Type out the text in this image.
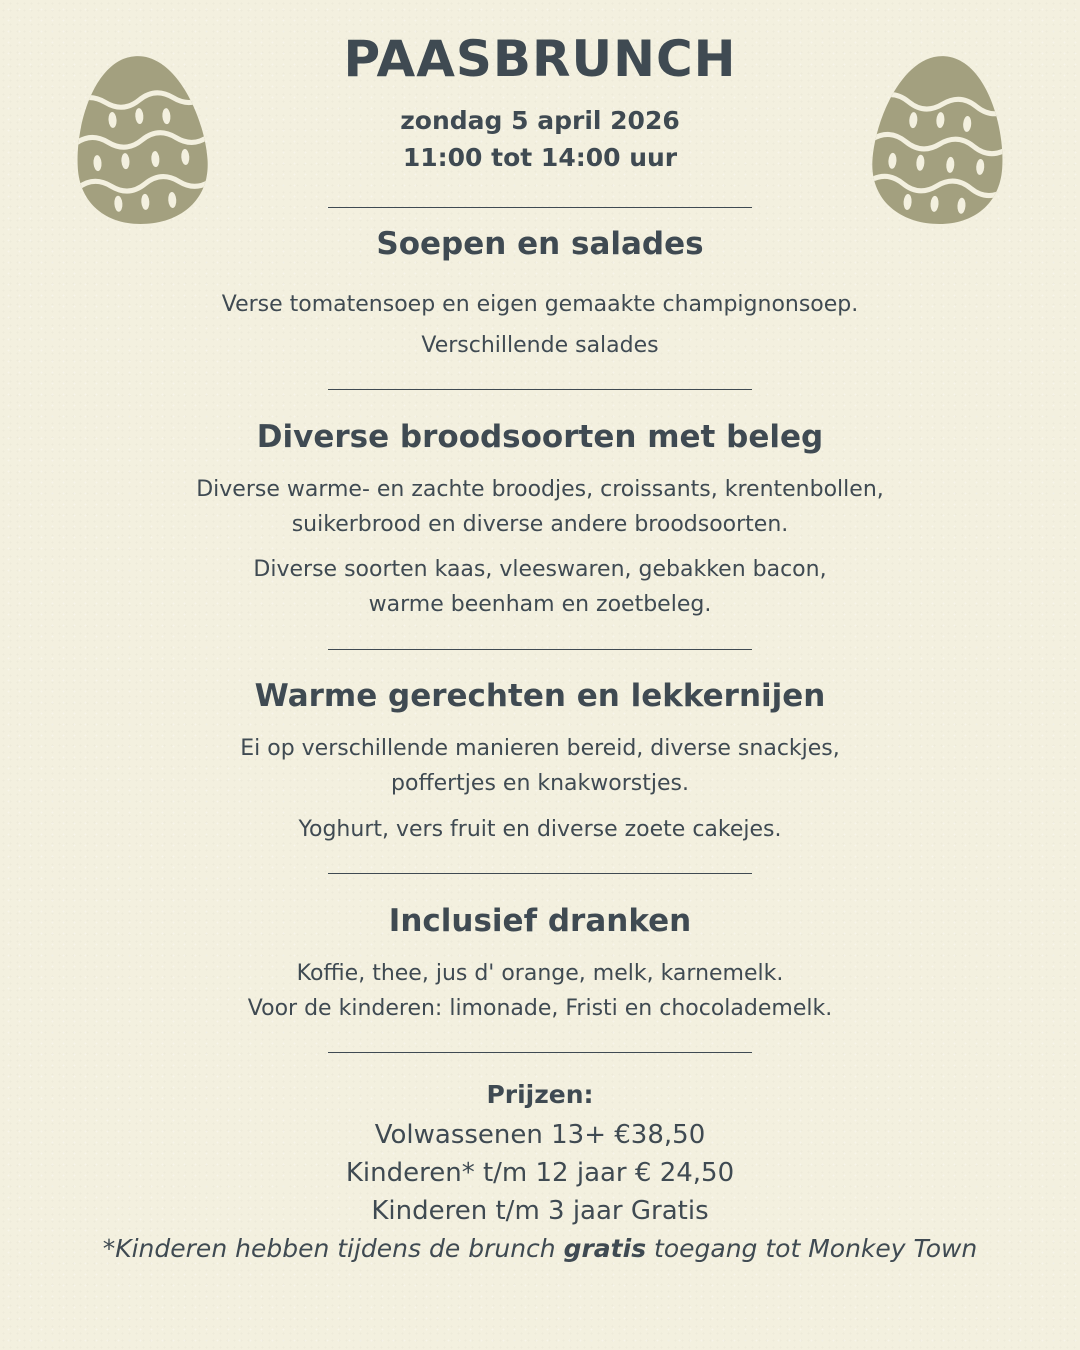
PAASBRUNCH
zondag 5 april 2026
11:00 tot 14:00 uur
Soepen en salades
Verse tomatensoep en eigen gemaakte champignonsoep.
Verschillende salades
Diverse broodsoorten met beleg
Diverse warme- en zachte broodjes, croissants, krentenbollen,
suikerbrood en diverse andere broodsoorten.
Diverse soorten kaas, vleeswaren, gebakken bacon,
warme beenham en zoetbeleg.
Warme gerechten en lekkernijen
Ei op verschillende manieren bereid, diverse snackjes,
poffertjes en knakworstjes.
Yoghurt, vers fruit en diverse zoete cakejes.
Inclusief dranken
Koffie, thee, jus d' orange, melk, karnemelk.
Voor de kinderen: limonade, Fristi en chocolademelk.
Prijzen:
Volwassenen 13+ €38,50
Kinderen* t/m 12 jaar € 24,50
Kinderen t/m 3 jaar Gratis
*Kinderen hebben tijdens de brunch gratis toegang tot Monkey Town
